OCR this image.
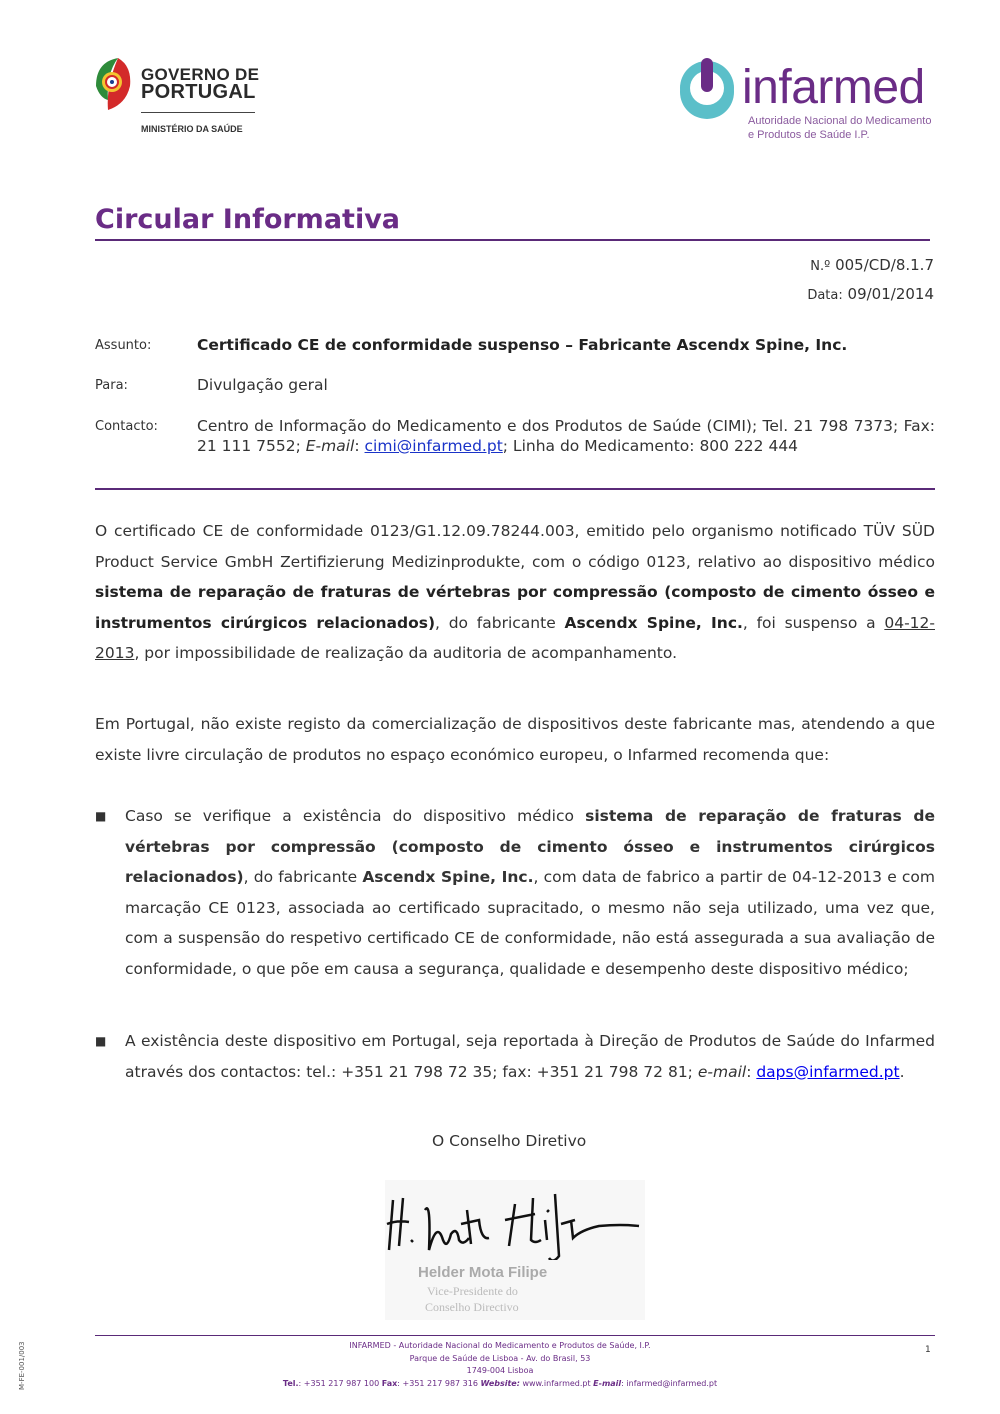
GOVERNO DE
PORTUGAL
MINISTÉRIO DA SAÚDE
infarmed
Autoridade Nacional do Medicamento
e Produtos de Saúde I.P.
Circular Informativa
N.º 005/CD/8.1.7
Data: 09/01/2014
Assunto:	Certificado CE de conformidade suspenso – Fabricante Ascendx Spine, Inc.
Para:	Divulgação geral
Contacto:	Centro de Informação do Medicamento e dos Produtos de Saúde (CIMI); Tel. 21 798 7373; Fax: 21 111 7552; E-mail: cimi@infarmed.pt; Linha do Medicamento: 800 222 444
O certificado CE de conformidade 0123/G1.12.09.78244.003, emitido pelo organismo notificado TÜV SÜD Product Service GmbH Zertifizierung Medizinprodukte, com o código 0123, relativo ao dispositivo médico sistema de reparação de fraturas de vértebras por compressão (composto de cimento ósseo e instrumentos cirúrgicos relacionados), do fabricante Ascendx Spine, Inc., foi suspenso a 04-12-2013, por impossibilidade de realização da auditoria de acompanhamento.
Em Portugal, não existe registo da comercialização de dispositivos deste fabricante mas, atendendo a que existe livre circulação de produtos no espaço económico europeu, o Infarmed recomenda que:
■ Caso se verifique a existência do dispositivo médico sistema de reparação de fraturas de vértebras por compressão (composto de cimento ósseo e instrumentos cirúrgicos relacionados), do fabricante Ascendx Spine, Inc., com data de fabrico a partir de 04-12-2013 e com marcação CE 0123, associada ao certificado supracitado, o mesmo não seja utilizado, uma vez que, com a suspensão do respetivo certificado CE de conformidade, não está assegurada a sua avaliação de conformidade, o que põe em causa a segurança, qualidade e desempenho deste dispositivo médico;
■ A existência deste dispositivo em Portugal, seja reportada à Direção de Produtos de Saúde do Infarmed através dos contactos: tel.: +351 21 798 72 35; fax: +351 21 798 72 81; e-mail: daps@infarmed.pt.
O Conselho Diretivo
Helder Mota Filipe
Vice-Presidente do
Conselho Directivo
INFARMED - Autoridade Nacional do Medicamento e Produtos de Saúde, I.P.
Parque de Saúde de Lisboa - Av. do Brasil, 53
1749-004 Lisboa
Tel.: +351 217 987 100 Fax: +351 217 987 316 Website: www.infarmed.pt E-mail: infarmed@infarmed.pt
1
M-FE-001/003
